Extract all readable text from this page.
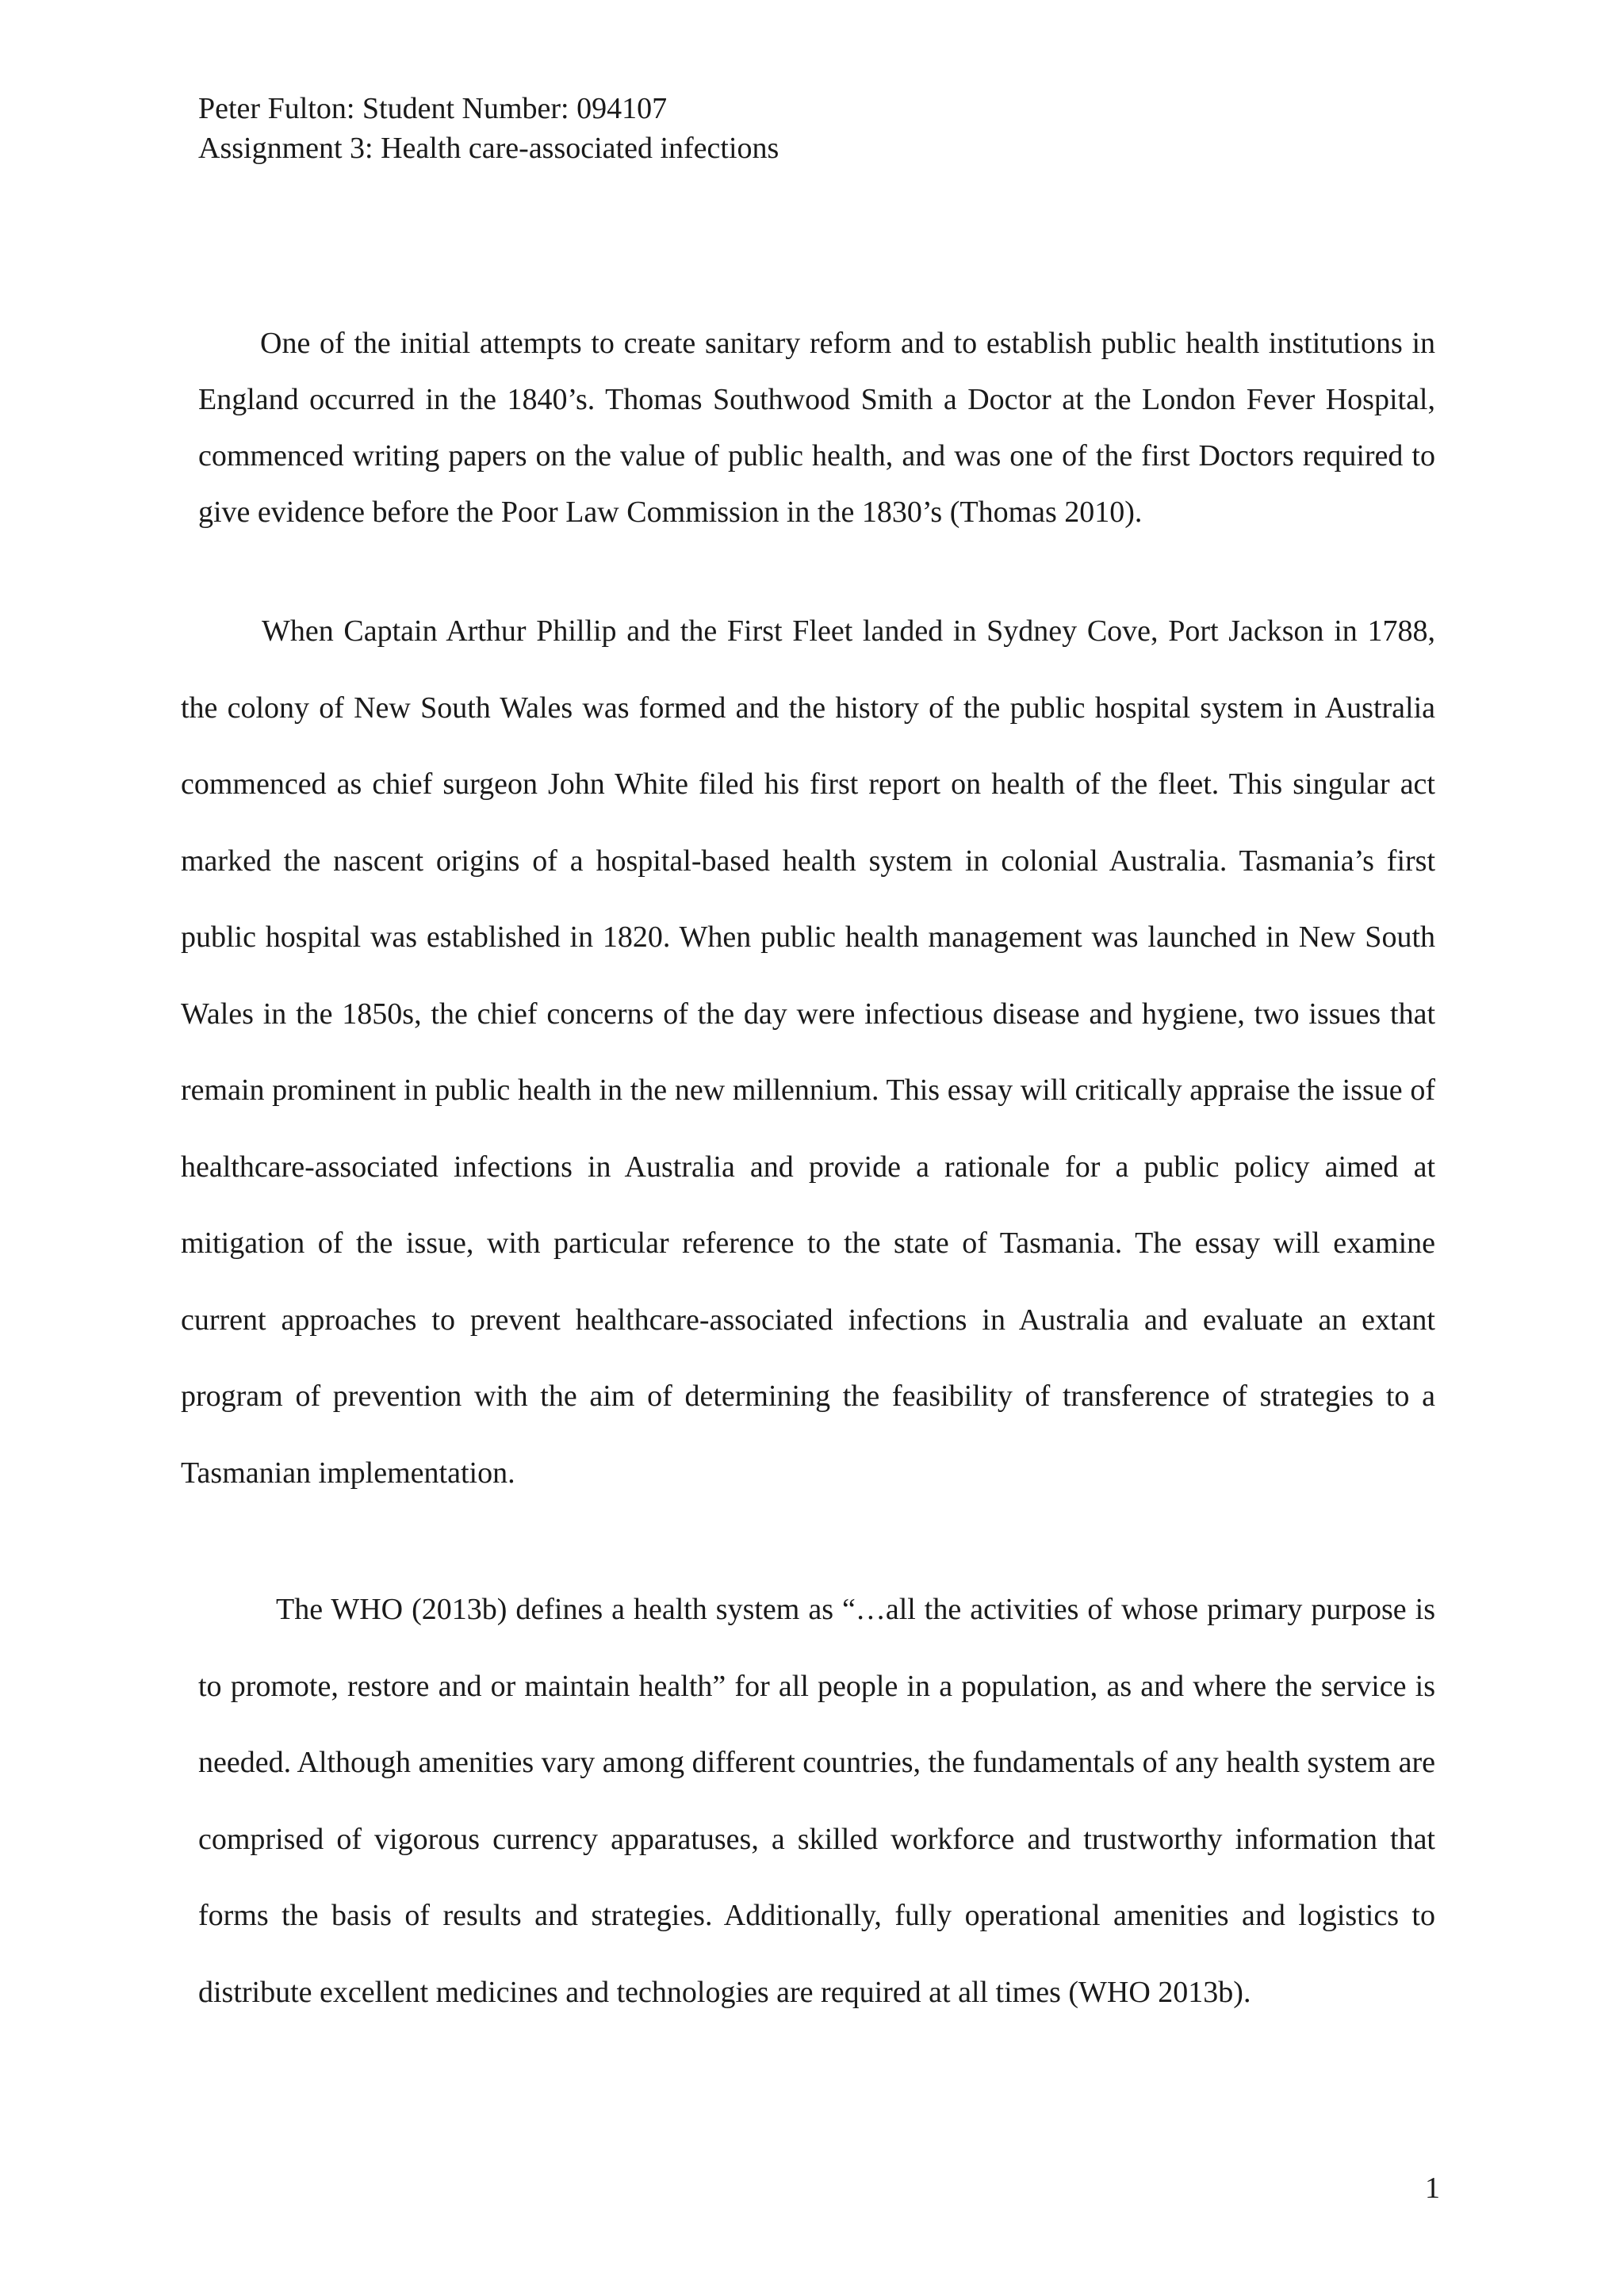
Peter Fulton: Student Number: 094107
Assignment 3: Health care-associated infections

One of the initial attempts to create sanitary reform and to establish public health institutions in England occurred in the 1840’s. Thomas Southwood Smith a Doctor at the London Fever Hospital, commenced writing papers on the value of public health, and was one of the first Doctors required to give evidence before the Poor Law Commission in the 1830’s (Thomas 2010).

When Captain Arthur Phillip and the First Fleet landed in Sydney Cove, Port Jackson in 1788, the colony of New South Wales was formed and the history of the public hospital system in Australia commenced as chief surgeon John White filed his first report on health of the fleet. This singular act marked the nascent origins of a hospital-based health system in colonial Australia. Tasmania’s first public hospital was established in 1820. When public health management was launched in New South Wales in the 1850s, the chief concerns of the day were infectious disease and hygiene, two issues that remain prominent in public health in the new millennium. This essay will critically appraise the issue of healthcare-associated infections in Australia and provide a rationale for a public policy aimed at mitigation of the issue, with particular reference to the state of Tasmania. The essay will examine current approaches to prevent healthcare-associated infections in Australia and evaluate an extant program of prevention with the aim of determining the feasibility of transference of strategies to a Tasmanian implementation.

The WHO (2013b) defines a health system as “…all the activities of whose primary purpose is to promote, restore and or maintain health” for all people in a population, as and where the service is needed. Although amenities vary among different countries, the fundamentals of any health system are comprised of vigorous currency apparatuses, a skilled workforce and trustworthy information that forms the basis of results and strategies. Additionally, fully operational amenities and logistics to distribute excellent medicines and technologies are required at all times (WHO 2013b).

1
